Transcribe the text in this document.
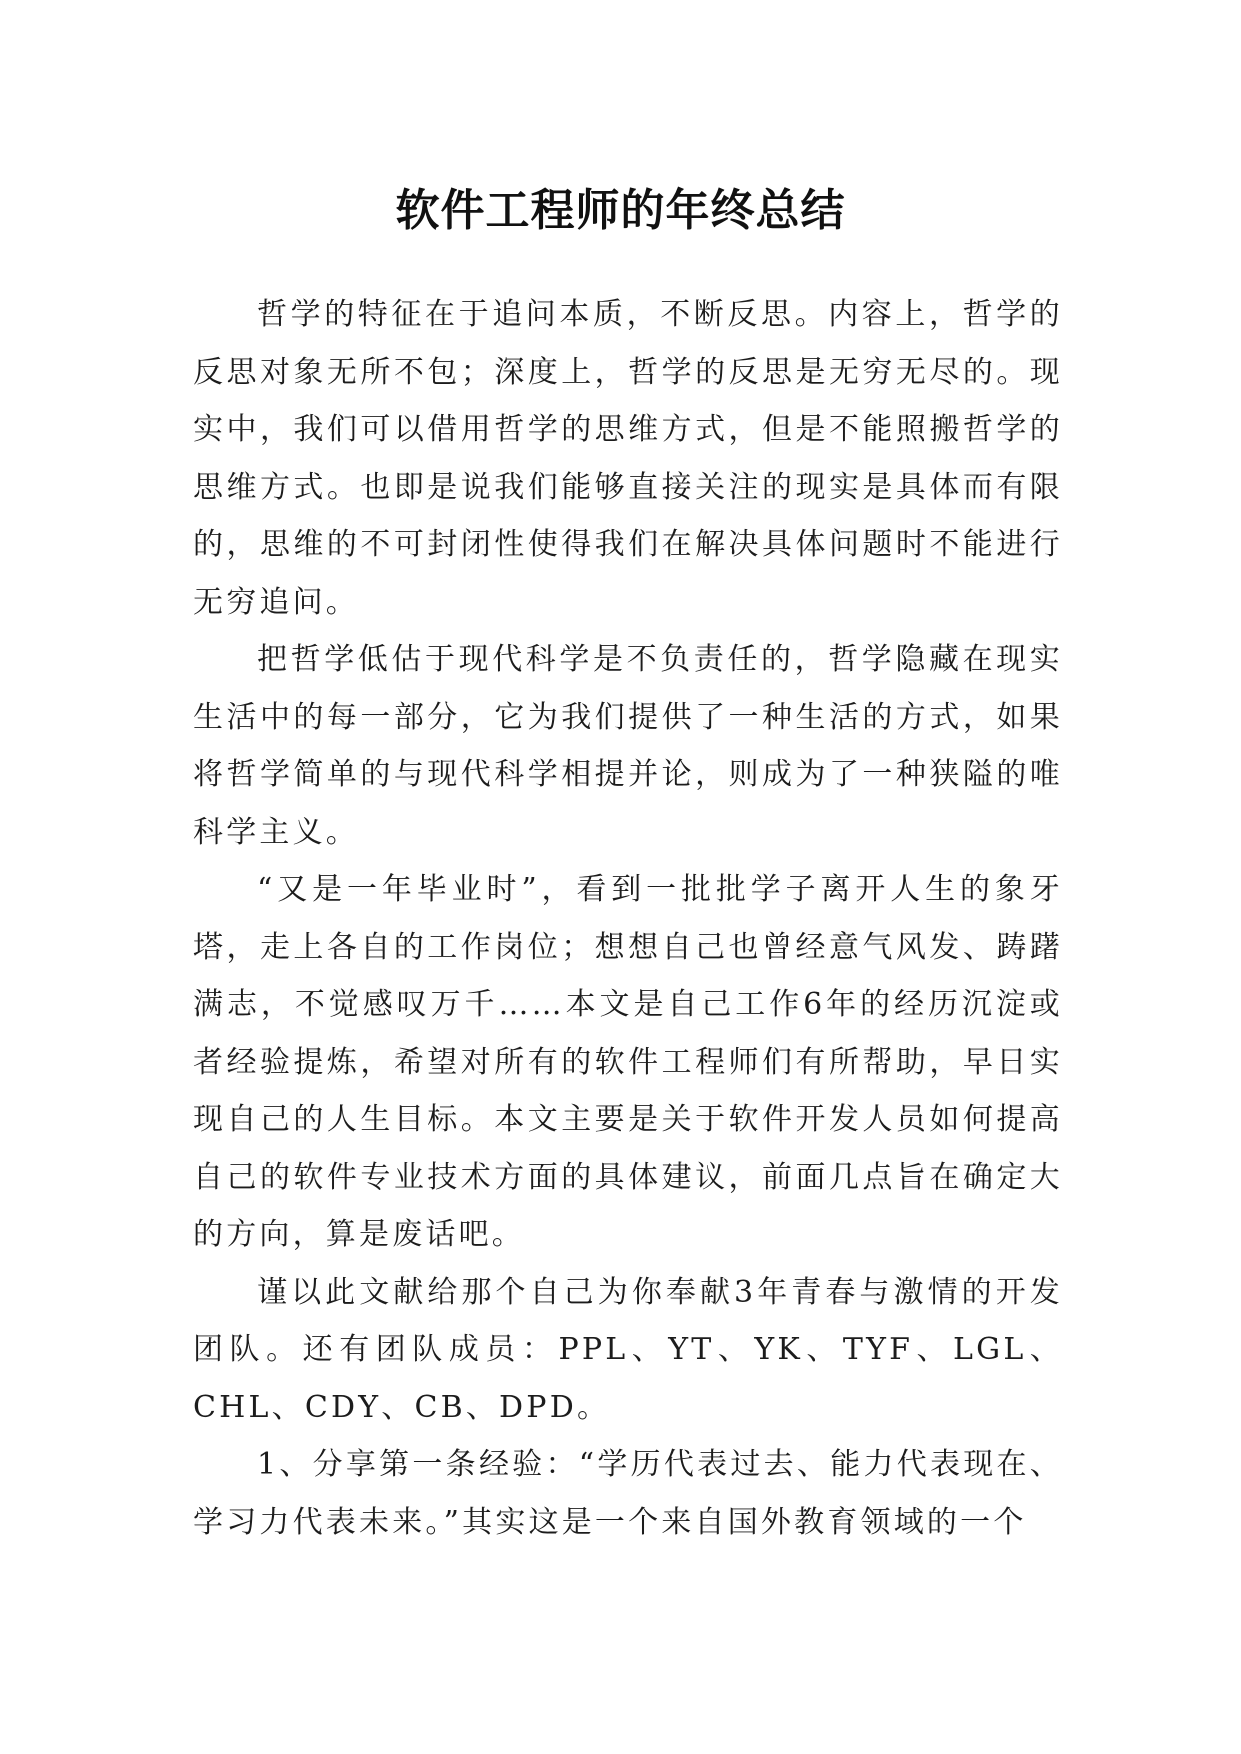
软件工程师的年终总结

哲学的特征在于追问本质，不断反思。内容上，哲学的反思对象无所不包；深度上，哲学的反思是无穷无尽的。现实中，我们可以借用哲学的思维方式，但是不能照搬哲学的思维方式。也即是说我们能够直接关注的现实是具体而有限的，思维的不可封闭性使得我们在解决具体问题时不能进行无穷追问。

把哲学低估于现代科学是不负责任的，哲学隐藏在现实生活中的每一部分，它为我们提供了一种生活的方式，如果将哲学简单的与现代科学相提并论，则成为了一种狭隘的唯科学主义。

“又是一年毕业时”，看到一批批学子离开人生的象牙塔，走上各自的工作岗位；想想自己也曾经意气风发、踌躇满志，不觉感叹万千……本文是自己工作6年的经历沉淀或者经验提炼，希望对所有的软件工程师们有所帮助，早日实现自己的人生目标。本文主要是关于软件开发人员如何提高自己的软件专业技术方面的具体建议，前面几点旨在确定大的方向，算是废话吧。

谨以此文献给那个自己为你奉献3年青春与激情的开发团队。还有团队成员：PPL、YT、YK、TYF、LGL、CHL、CDY、CB、DPD。

1、分享第一条经验：“学历代表过去、能力代表现在、学习力代表未来。”其实这是一个来自国外教育领域的一个
